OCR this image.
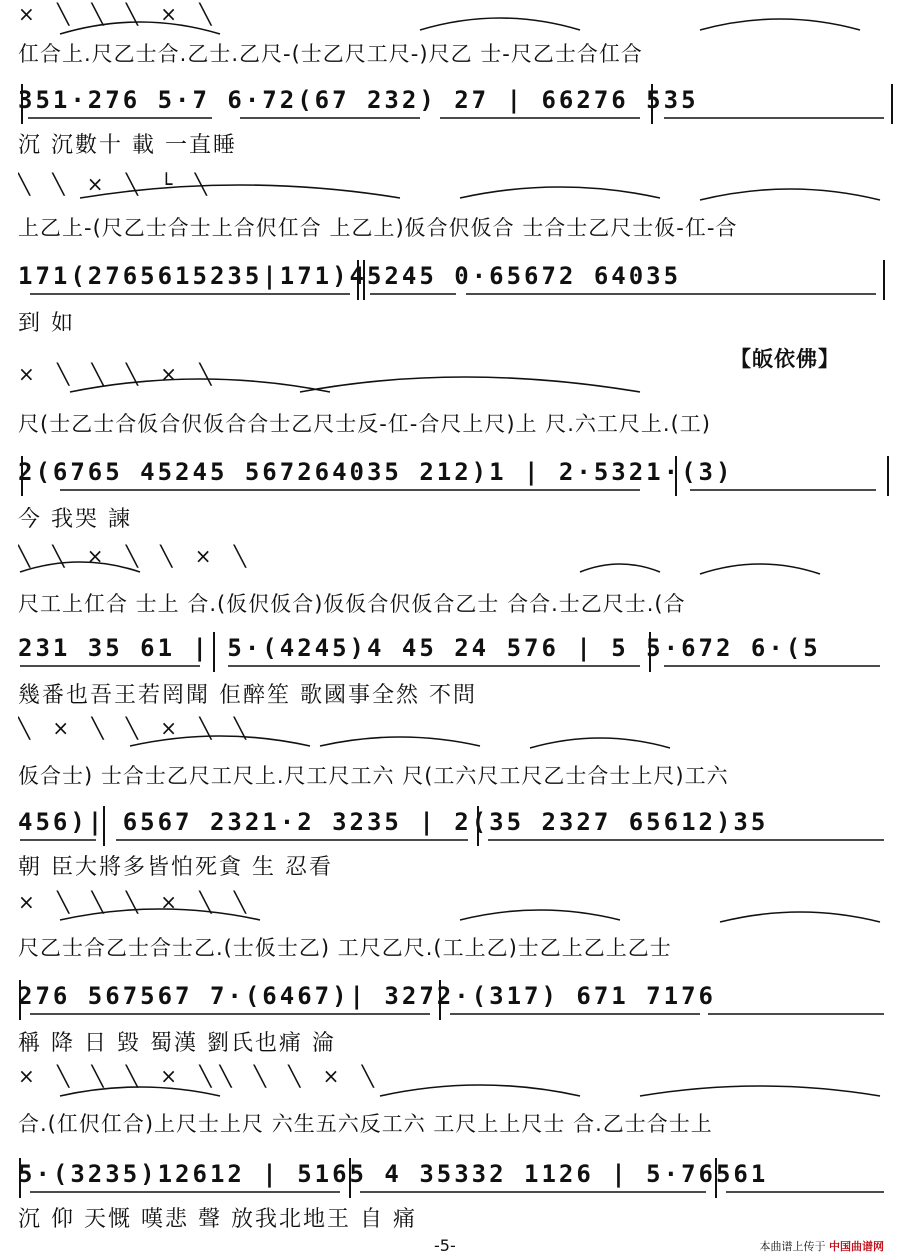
× ╲ ╲ ╲ × ╲
仜合上.尺乙士合.乙士.乙尺-(士乙尺工尺-)尺乙 士-尺乙士合仜合
351·276 5·7 6·72(67 232) 27 | 66276 535
沉 沉數十 載 一直睡
╲ ╲ × ╲ └ ╲
上乙上-(尺乙士合士上合伬仜合 上乙上)仮合伬仮合 士合士乙尺士仮-仜-合
171(2765615235|171)45245 0·65672 64035
到 如
【皈依佛】
× ╲ ╲ ╲ × ╲
尺(士乙士合仮合伬仮合合士乙尺士反-仜-合尺上尺)上 尺.六工尺上.(工)
2(6765 45245 567264035 212)1 | 2·5321·(3)
今 我哭 諫
╲ ╲ × ╲ ╲ × ╲
尺工上仜合 士上 合.(仮伬仮合)仮仮合伬仮合乙士 合合.士乙尺士.(合
231 35 61 | 5·(4245)4 45 24 576 | 5 5·672 6·(5
幾番也吾王若罔聞 佢醉笙 歌國事全然 不問
╲ × ╲ ╲ × ╲ ╲
仮合士) 士合士乙尺工尺上.尺工尺工六 尺(工六尺工尺乙士合士上尺)工六
456)| 6567 2321·2 3235 | 2(35 2327 65612)35
朝 臣大將多皆怕死貪 生 忍看
× ╲ ╲ ╲ × ╲ ╲
尺乙士合乙士合士乙.(士仮士乙) 工尺乙尺.(工上乙)士乙上乙上乙士
276 567567 7·(6467)| 3272·(317) 671 7176
稱 降 日 毀 蜀漢 劉氏也痛 淪
× ╲ ╲ ╲ × ╲╲ ╲ ╲ × ╲
合.(仜伬仜合)上尺士上尺 六生五六反工六 工尺上上尺士 合.乙士合士上
5·(3235)12612 | 5165 4 35332 1126 | 5·76561
沉 仰 天慨 嘆悲 聲 放我北地王 自 痛
-5-	本曲谱上传于 中国曲谱网
